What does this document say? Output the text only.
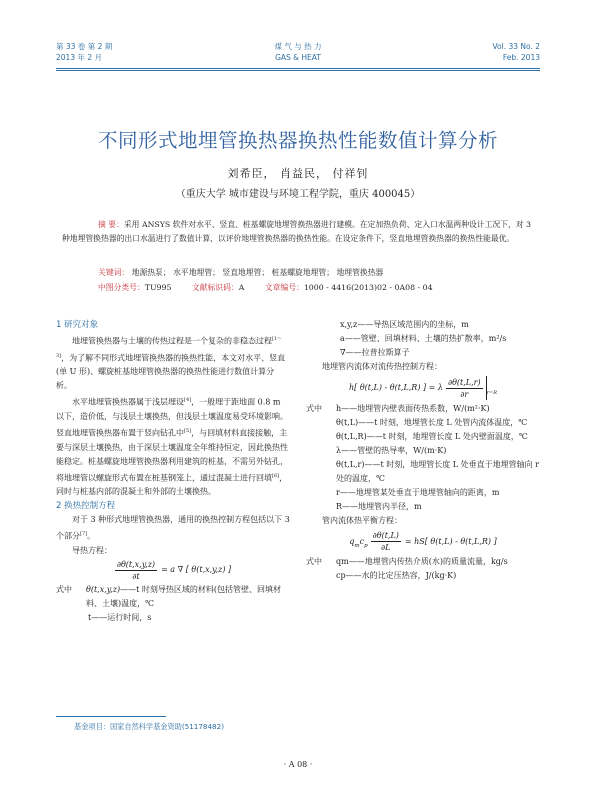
第 33 卷 第 2 期
2013 年 2 月
煤 气 与 热 力
GAS & HEAT
Vol. 33 No. 2
Feb. 2013
不同形式地埋管换热器换热性能数值计算分析
刘希臣， 肖益民， 付祥钊
（重庆大学 城市建设与环境工程学院，重庆 400045）
摘 要：采用 ANSYS 软件对水平、竖直、桩基螺旋地埋管换热器进行建模。在定加热负荷、定入口水温两种设计工况下，对 3 种地埋管换热器的出口水温进行了数值计算，以评价地埋管换热器的换热性能。在设定条件下，竖直地埋管换热器的换热性能最优。
关键词： 地源热泵； 水平地埋管； 竖直地埋管； 桩基螺旋地埋管； 地埋管换热器
中图分类号：TU995	文献标识码：A	文章编号：1000 - 4416(2013)02 - 0A08 - 04

1 研究对象

地埋管换热器与土壤的传热过程是一个复杂的非稳态过程[1～3]，为了解不同形式地埋管换热器的换热性能，本文对水平、竖直(单 U 形)、螺旋桩基地埋管换热器的换热性能进行数值计算分析。

水平地埋管换热器属于浅层埋设[4]，一般埋于距地面 0.8 m 以下，造价低，与浅层土壤换热，但浅层土壤温度易受环境影响。竖直地埋管换热器布置于竖向钻孔中[5]，与回填材料直接接触，主要与深层土壤换热，由于深层土壤温度全年维持恒定，因此换热性能稳定。桩基螺旋地埋管换热器利用建筑的桩基，不需另外钻孔，将地埋管以螺旋形式布置在桩基钢笼上，通过混凝土进行回填[6]，同时与桩基内部的混凝土和外部的土壤换热。

2 换热控制方程

对于 3 种形式地埋管换热器，通用的换热控制方程包括以下 3 个部分[7]。

导热方程：

$\frac{\partial\theta(t,x,y,z)}{\partial t} = a$ ∇ [ θ(t,x,y,z) ]
式中	θ(t,x,y,z)——t 时刻导热区域的材料(包括管壁、回填材料、土壤)温度，℃

t——运行时间，s

x,y,z——导热区域范围内的坐标，m

a——管壁、回填材料、土壤的热扩散率，m²/s

∇——拉普拉斯算子

地埋管内流体对流传热控制方程：

h[ θ(t,L) - θ(t,L,R) ] = λ
∂θ(t,L,r)
∂r	r=R
式中	h——地埋管内壁表面传热系数，W/(m²·K)

θ(t,L)——t 时刻，地埋管长度 L 处管内流体温度，℃

θ(t,L,R)——t 时刻，地埋管长度 L 处内壁面温度，℃

λ——管壁的热导率，W/(m·K)

θ(t,L,r)——t 时刻，地埋管长度 L 处垂直于地埋管轴向 r 处的温度，℃

r——地埋管某处垂直于地埋管轴向的距离，m

R——地埋管内半径，m

管内流体热平衡方程：

q
m
c
p $\frac{\partial\theta(t,L)}{\partial L} = hS$[ θ(t,L) - θ(t,L,R) ]
式中	qm——地埋管内传热介质(水)的质量流量，kg/s

cp——水的比定压热容，J/(kg·K)

基金项目：国家自然科学基金资助(51178482)
· A 08 ·
